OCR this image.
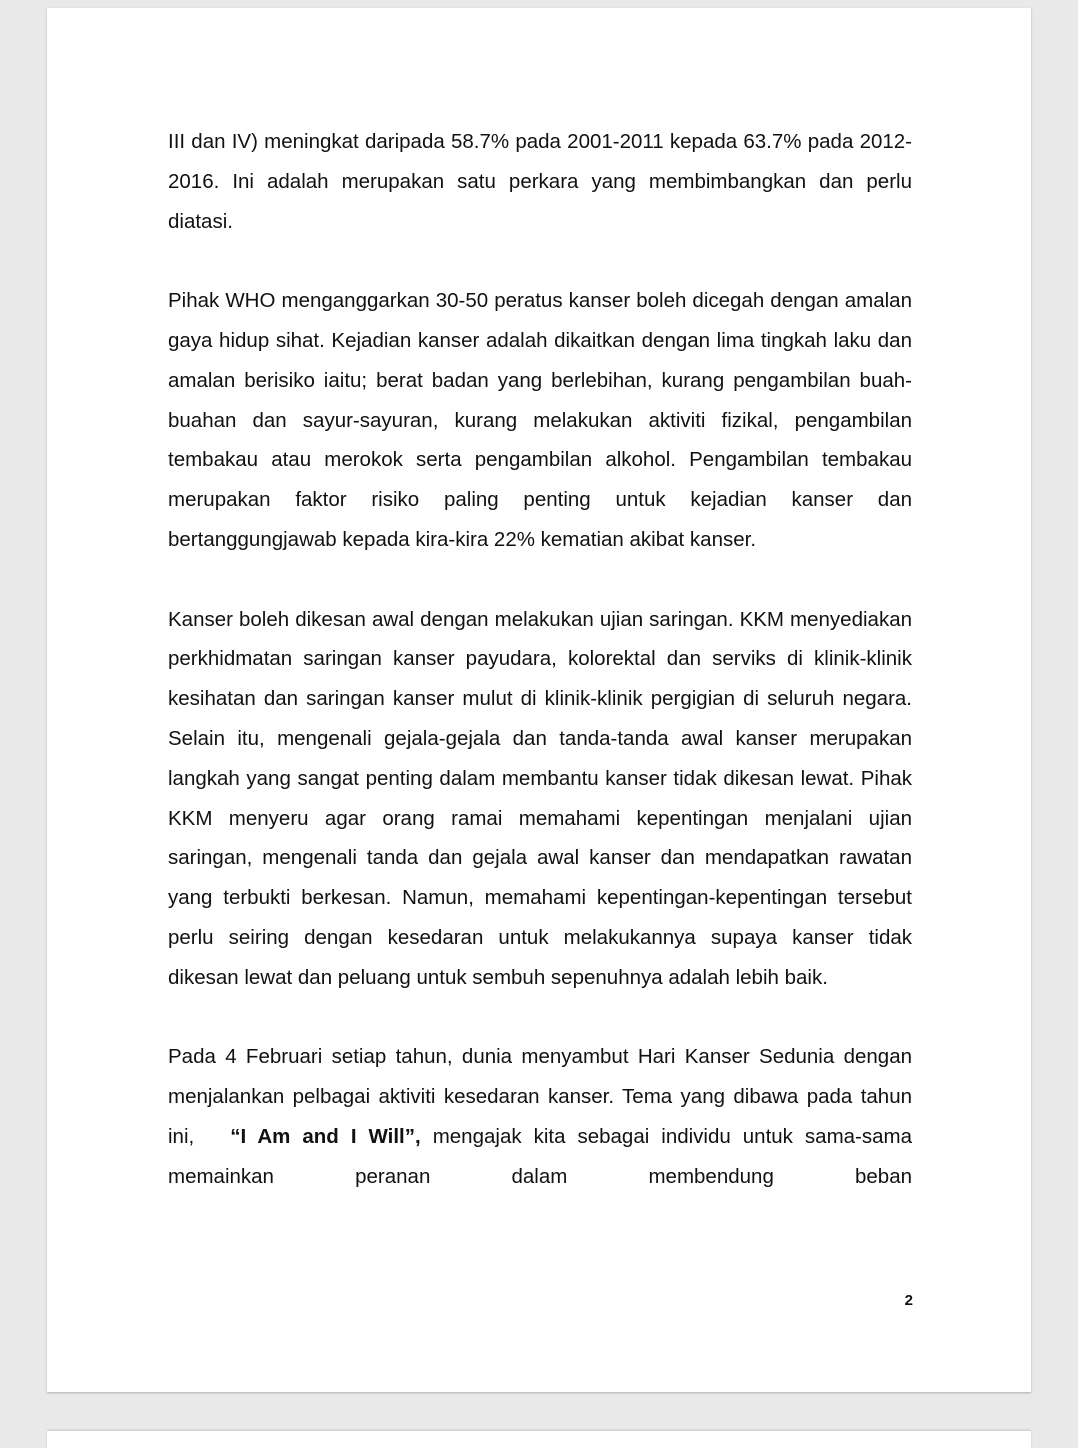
III dan IV) meningkat daripada 58.7% pada 2001-2011 kepada 63.7% pada 2012-2016. Ini adalah merupakan satu perkara yang membimbangkan dan perlu diatasi.

Pihak WHO menganggarkan 30-50 peratus kanser boleh dicegah dengan amalan gaya hidup sihat. Kejadian kanser adalah dikaitkan dengan lima tingkah laku dan amalan berisiko iaitu; berat badan yang berlebihan, kurang pengambilan buah-buahan dan sayur-sayuran, kurang melakukan aktiviti fizikal, pengambilan tembakau atau merokok serta pengambilan alkohol. Pengambilan tembakau merupakan faktor risiko paling penting untuk kejadian kanser dan bertanggungjawab kepada kira-kira 22% kematian akibat kanser.

Kanser boleh dikesan awal dengan melakukan ujian saringan. KKM menyediakan perkhidmatan saringan kanser payudara, kolorektal dan serviks di klinik-klinik kesihatan dan saringan kanser mulut di klinik-klinik pergigian di seluruh negara. Selain itu, mengenali gejala-gejala dan tanda-tanda awal kanser merupakan langkah yang sangat penting dalam membantu kanser tidak dikesan lewat. Pihak KKM menyeru agar orang ramai memahami kepentingan menjalani ujian saringan, mengenali tanda dan gejala awal kanser dan mendapatkan rawatan yang terbukti berkesan. Namun, memahami kepentingan-kepentingan tersebut perlu seiring dengan kesedaran untuk melakukannya supaya kanser tidak dikesan lewat dan peluang untuk sembuh sepenuhnya adalah lebih baik.

Pada 4 Februari setiap tahun, dunia menyambut Hari Kanser Sedunia dengan menjalankan pelbagai aktiviti kesedaran kanser. Tema yang dibawa pada tahun ini, “I Am and I Will”, mengajak kita sebagai individu untuk sama-sama memainkan peranan dalam membendung beban

2
